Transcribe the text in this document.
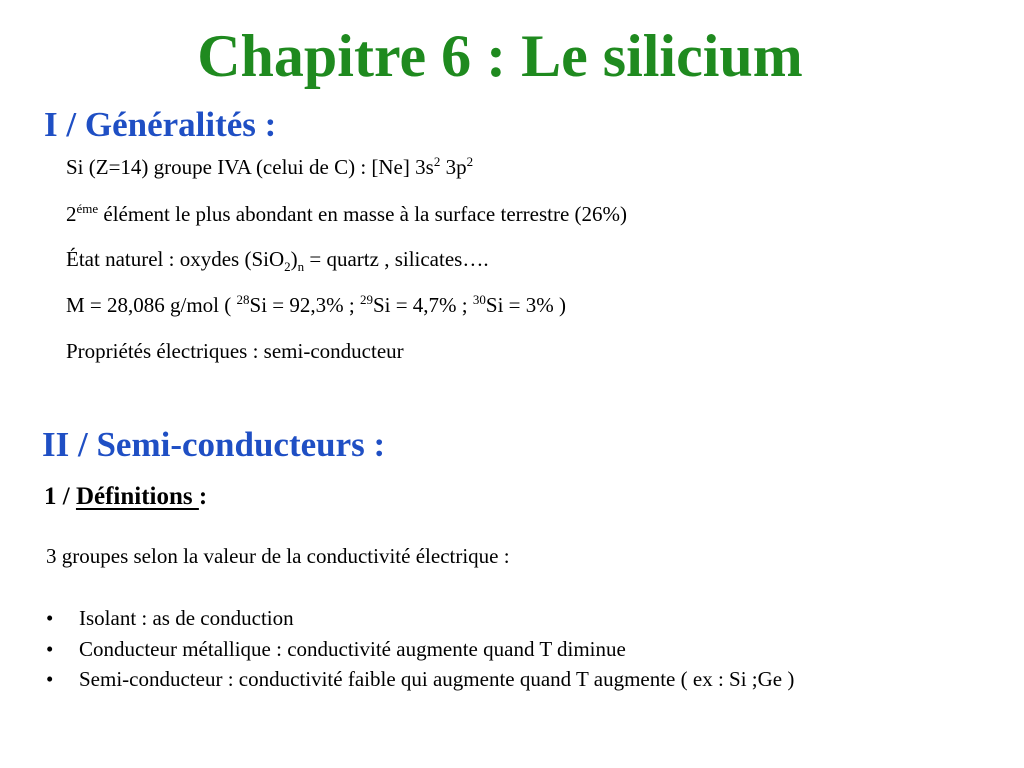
Chapitre 6 : Le silicium
I / Généralités :
Si (Z=14) groupe IVA (celui de C) : [Ne] $3s^2$ $3p^2$
$2^{éme}$ élément le plus abondant en masse à la surface terrestre (26%)
État naturel : oxydes $(SiO_2)_n$ = quartz , silicates….
M = 28,086 g/mol ( $^{28}$Si = 92,3% ; $^{29}$Si = 4,7% ; $^{30}$Si = 3% )
Propriétés électriques : semi-conducteur
II / Semi-conducteurs :
1 / Définitions :
3 groupes selon la valeur de la conductivité électrique :
• Isolant : as de conduction
• Conducteur métallique : conductivité augmente quand T diminue
• Semi-conducteur : conductivité faible qui augmente quand T augmente ( ex : Si ;Ge )
